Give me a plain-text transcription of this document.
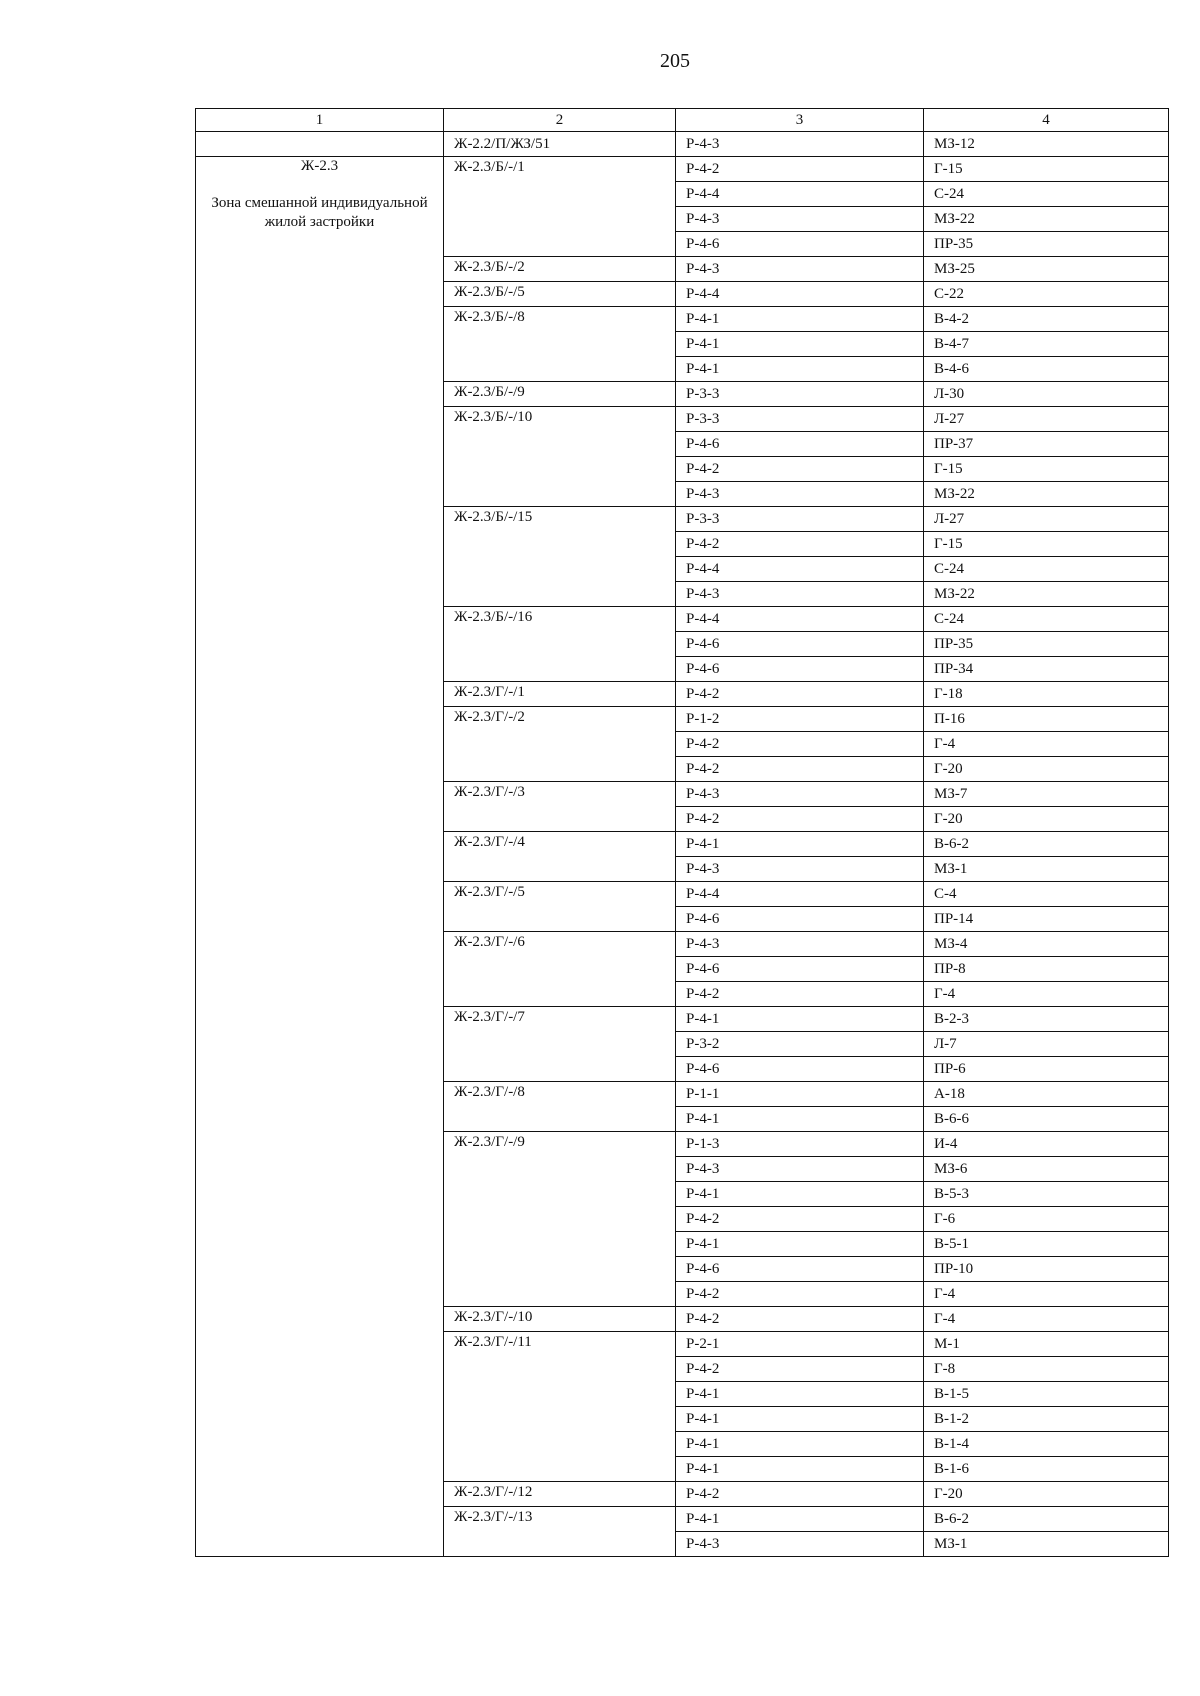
205
1	2	3	4
	Ж-2.2/П/ЖЗ/51	Р-4-3	МЗ-12

Ж-2.3
Зона смешанной индивидуальной жилой застройки	Ж-2.3/Б/-/1	Р-4-2	Г-15
		Р-4-4	С-24
		Р-4-3	МЗ-22
		Р-4-6	ПР-35
	Ж-2.3/Б/-/2	Р-4-3	МЗ-25
	Ж-2.3/Б/-/5	Р-4-4	С-22
	Ж-2.3/Б/-/8	Р-4-1	В-4-2
		Р-4-1	В-4-7
		Р-4-1	В-4-6
	Ж-2.3/Б/-/9	Р-3-3	Л-30
	Ж-2.3/Б/-/10	Р-3-3	Л-27
		Р-4-6	ПР-37
		Р-4-2	Г-15
		Р-4-3	МЗ-22
	Ж-2.3/Б/-/15	Р-3-3	Л-27
		Р-4-2	Г-15
		Р-4-4	С-24
		Р-4-3	МЗ-22
	Ж-2.3/Б/-/16	Р-4-4	С-24
		Р-4-6	ПР-35
		Р-4-6	ПР-34
	Ж-2.3/Г/-/1	Р-4-2	Г-18
	Ж-2.3/Г/-/2	Р-1-2	П-16
		Р-4-2	Г-4
		Р-4-2	Г-20
	Ж-2.3/Г/-/3	Р-4-3	МЗ-7
		Р-4-2	Г-20
	Ж-2.3/Г/-/4	Р-4-1	В-6-2
		Р-4-3	МЗ-1
	Ж-2.3/Г/-/5	Р-4-4	С-4
		Р-4-6	ПР-14
	Ж-2.3/Г/-/6	Р-4-3	МЗ-4
		Р-4-6	ПР-8
		Р-4-2	Г-4
	Ж-2.3/Г/-/7	Р-4-1	В-2-3
		Р-3-2	Л-7
		Р-4-6	ПР-6
	Ж-2.3/Г/-/8	Р-1-1	А-18
		Р-4-1	В-6-6
	Ж-2.3/Г/-/9	Р-1-3	И-4
		Р-4-3	МЗ-6
		Р-4-1	В-5-3
		Р-4-2	Г-6
		Р-4-1	В-5-1
		Р-4-6	ПР-10
		Р-4-2	Г-4
	Ж-2.3/Г/-/10	Р-4-2	Г-4
	Ж-2.3/Г/-/11	Р-2-1	М-1
		Р-4-2	Г-8
		Р-4-1	В-1-5
		Р-4-1	В-1-2
		Р-4-1	В-1-4
		Р-4-1	В-1-6
	Ж-2.3/Г/-/12	Р-4-2	Г-20
	Ж-2.3/Г/-/13	Р-4-1	В-6-2
		Р-4-3	МЗ-1
